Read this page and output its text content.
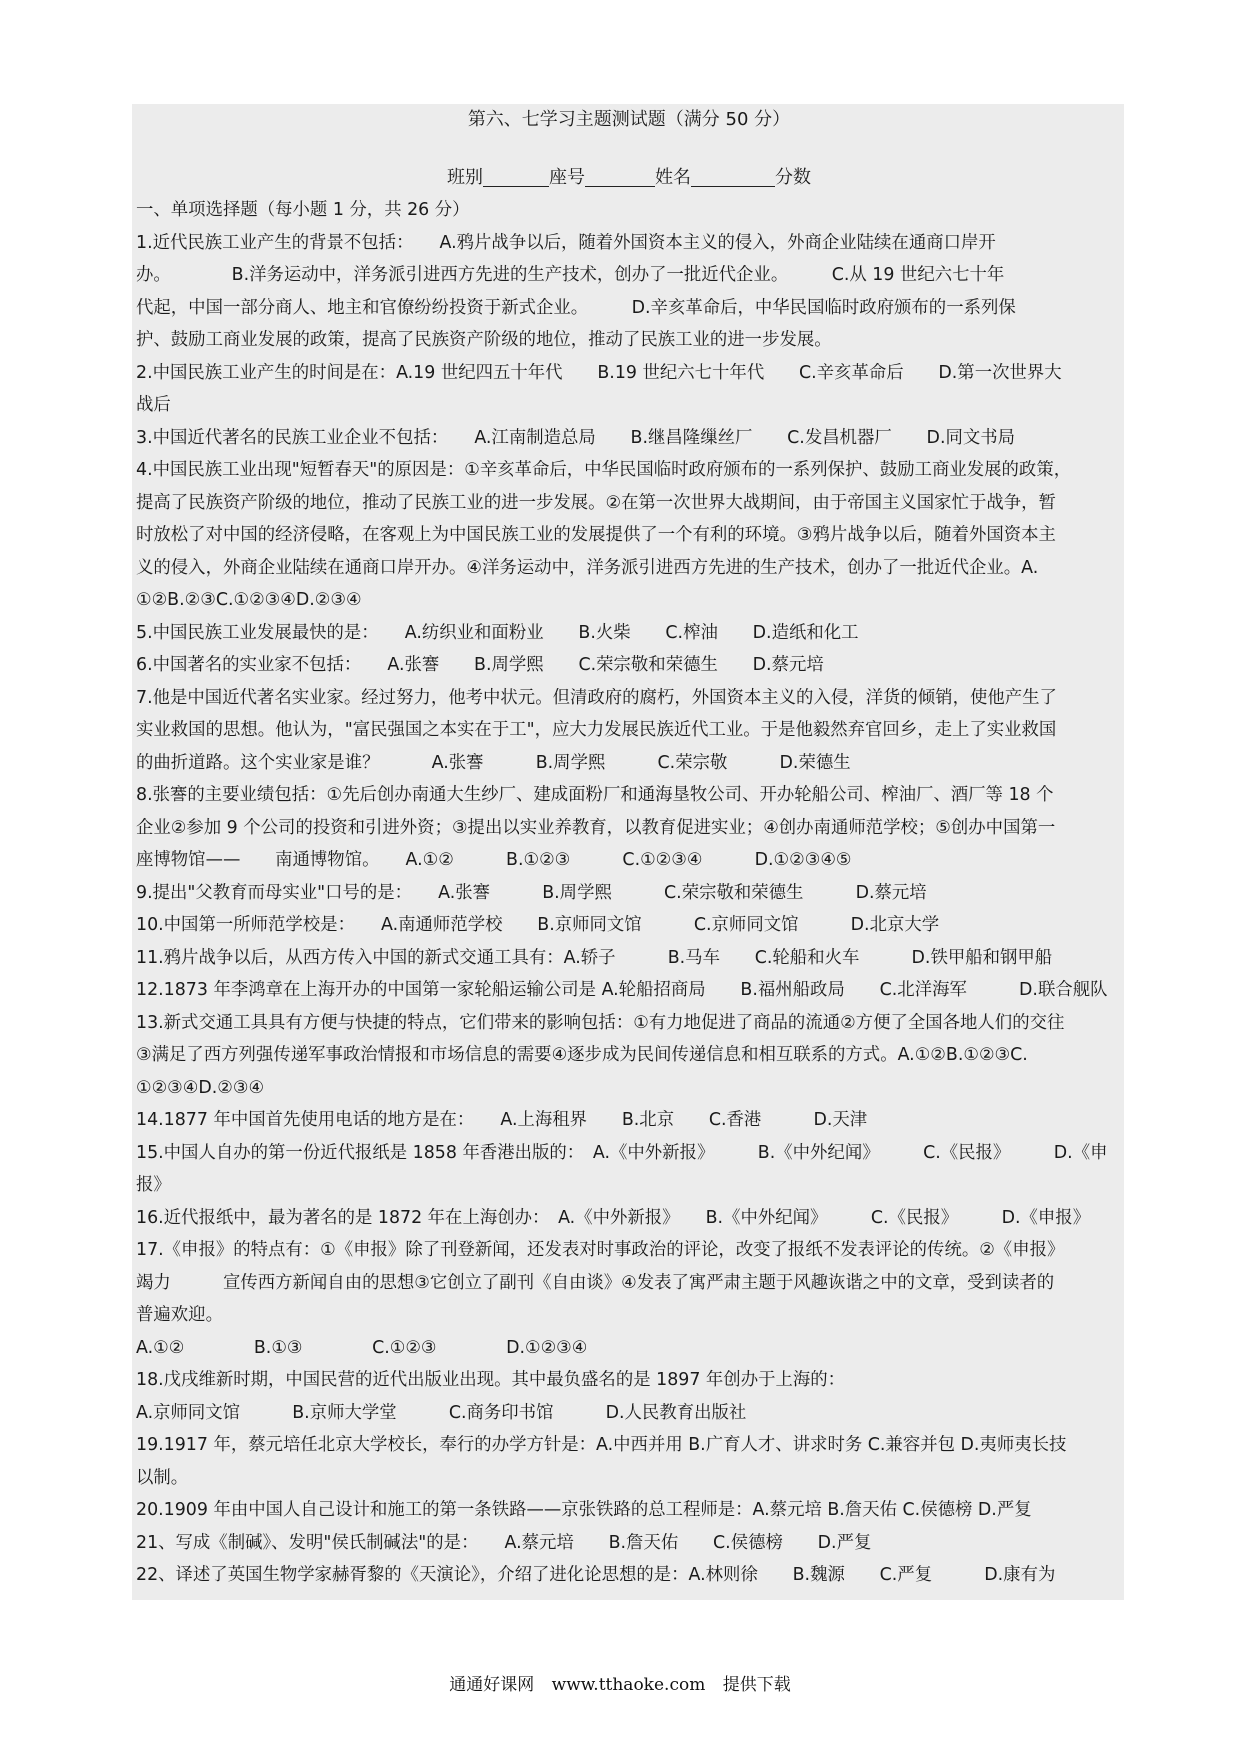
第六、七学习主题测试题（满分 50 分）
班别	座号	姓名	分数
一、单项选择题（每小题 1 分，共 26 分）
1.近代民族工业产生的背景不包括：　　A.鸦片战争以后，随着外国资本主义的侵入，外商企业陆续在通商口岸开
办。　　　　B.洋务运动中，洋务派引进西方先进的生产技术，创办了一批近代企业。　　　C.从 19 世纪六七十年
代起，中国一部分商人、地主和官僚纷纷投资于新式企业。　　　D.辛亥革命后，中华民国临时政府颁布的一系列保
护、鼓励工商业发展的政策，提高了民族资产阶级的地位，推动了民族工业的进一步发展。
2.中国民族工业产生的时间是在：A.19 世纪四五十年代　　B.19 世纪六七十年代　　C.辛亥革命后　　D.第一次世界大
战后
3.中国近代著名的民族工业企业不包括：　　A.江南制造总局　　B.继昌隆缫丝厂　　C.发昌机器厂　　D.同文书局
4.中国民族工业出现"短暂春天"的原因是：①辛亥革命后，中华民国临时政府颁布的一系列保护、鼓励工商业发展的政策，
提高了民族资产阶级的地位，推动了民族工业的进一步发展。②在第一次世界大战期间，由于帝国主义国家忙于战争，暂
时放松了对中国的经济侵略，在客观上为中国民族工业的发展提供了一个有利的环境。③鸦片战争以后，随着外国资本主
义的侵入，外商企业陆续在通商口岸开办。④洋务运动中，洋务派引进西方先进的生产技术，创办了一批近代企业。A.
①②B.②③C.①②③④D.②③④
5.中国民族工业发展最快的是：　　A.纺织业和面粉业　　B.火柴　　C.榨油　　D.造纸和化工
6.中国著名的实业家不包括：　　A.张謇　　B.周学熙　　C.荣宗敬和荣德生　　D.蔡元培
7.他是中国近代著名实业家。经过努力，他考中状元。但清政府的腐朽，外国资本主义的入侵，洋货的倾销，使他产生了
实业救国的思想。他认为，"富民强国之本实在于工"，应大力发展民族近代工业。于是他毅然弃官回乡，走上了实业救国
的曲折道路。这个实业家是谁？　　　A.张謇　　　B.周学熙　　　C.荣宗敬　　　D.荣德生
8.张謇的主要业绩包括：①先后创办南通大生纱厂、建成面粉厂和通海垦牧公司、开办轮船公司、榨油厂、酒厂等 18 个
企业②参加 9 个公司的投资和引进外资；③提出以实业养教育，以教育促进实业；④创办南通师范学校；⑤创办中国第一
座博物馆——　　南通博物馆。　　A.①②　　　B.①②③　　　C.①②③④　　　D.①②③④⑤
9.提出"父教育而母实业"口号的是：　　A.张謇　　　B.周学熙　　　C.荣宗敬和荣德生　　　D.蔡元培
10.中国第一所师范学校是：　　A.南通师范学校　　B.京师同文馆　　　C.京师同文馆　　　D.北京大学
11.鸦片战争以后，从西方传入中国的新式交通工具有：A.轿子　　　B.马车　　C.轮船和火车　　　D.铁甲船和钢甲船
12.1873 年李鸿章在上海开办的中国第一家轮船运输公司是 A.轮船招商局　　B.福州船政局　　C.北洋海军　　　D.联合舰队
13.新式交通工具具有方便与快捷的特点，它们带来的影响包括：①有力地促进了商品的流通②方便了全国各地人们的交往
③满足了西方列强传递军事政治情报和市场信息的需要④逐步成为民间传递信息和相互联系的方式。A.①②B.①②③C.
①②③④D.②③④
14.1877 年中国首先使用电话的地方是在：　　A.上海租界　　B.北京　　C.香港　　　D.天津
15.中国人自办的第一份近代报纸是 1858 年香港出版的：　A.《中外新报》　　　B.《中外纪闻》　　　C.《民报》　　　D.《申
报》
16.近代报纸中，最为著名的是 1872 年在上海创办：　A.《中外新报》　　B.《中外纪闻》　　　C.《民报》　　　D.《申报》
17.《申报》的特点有：①《申报》除了刊登新闻，还发表对时事政治的评论，改变了报纸不发表评论的传统。②《申报》
竭力　　　宣传西方新闻自由的思想③它创立了副刊《自由谈》④发表了寓严肃主题于风趣诙谐之中的文章，受到读者的
普遍欢迎。
A.①②　　　　B.①③　　　　C.①②③　　　　D.①②③④
18.戊戌维新时期，中国民营的近代出版业出现。其中最负盛名的是 1897 年创办于上海的：
A.京师同文馆　　　B.京师大学堂　　　C.商务印书馆　　　D.人民教育出版社
19.1917 年，蔡元培任北京大学校长，奉行的办学方针是：A.中西并用 B.广育人才、讲求时务 C.兼容并包 D.夷师夷长技
以制。
20.1909 年由中国人自己设计和施工的第一条铁路——京张铁路的总工程师是：A.蔡元培 B.詹天佑 C.侯德榜 D.严复
21、写成《制碱》、发明"侯氏制碱法"的是：　　A.蔡元培　　B.詹天佑　　C.侯德榜　　D.严复
22、译述了英国生物学家赫胥黎的《天演论》，介绍了进化论思想的是：A.林则徐　　B.魏源　　C.严复　　　D.康有为
通通好课网 www.tthaoke.com 提供下载
